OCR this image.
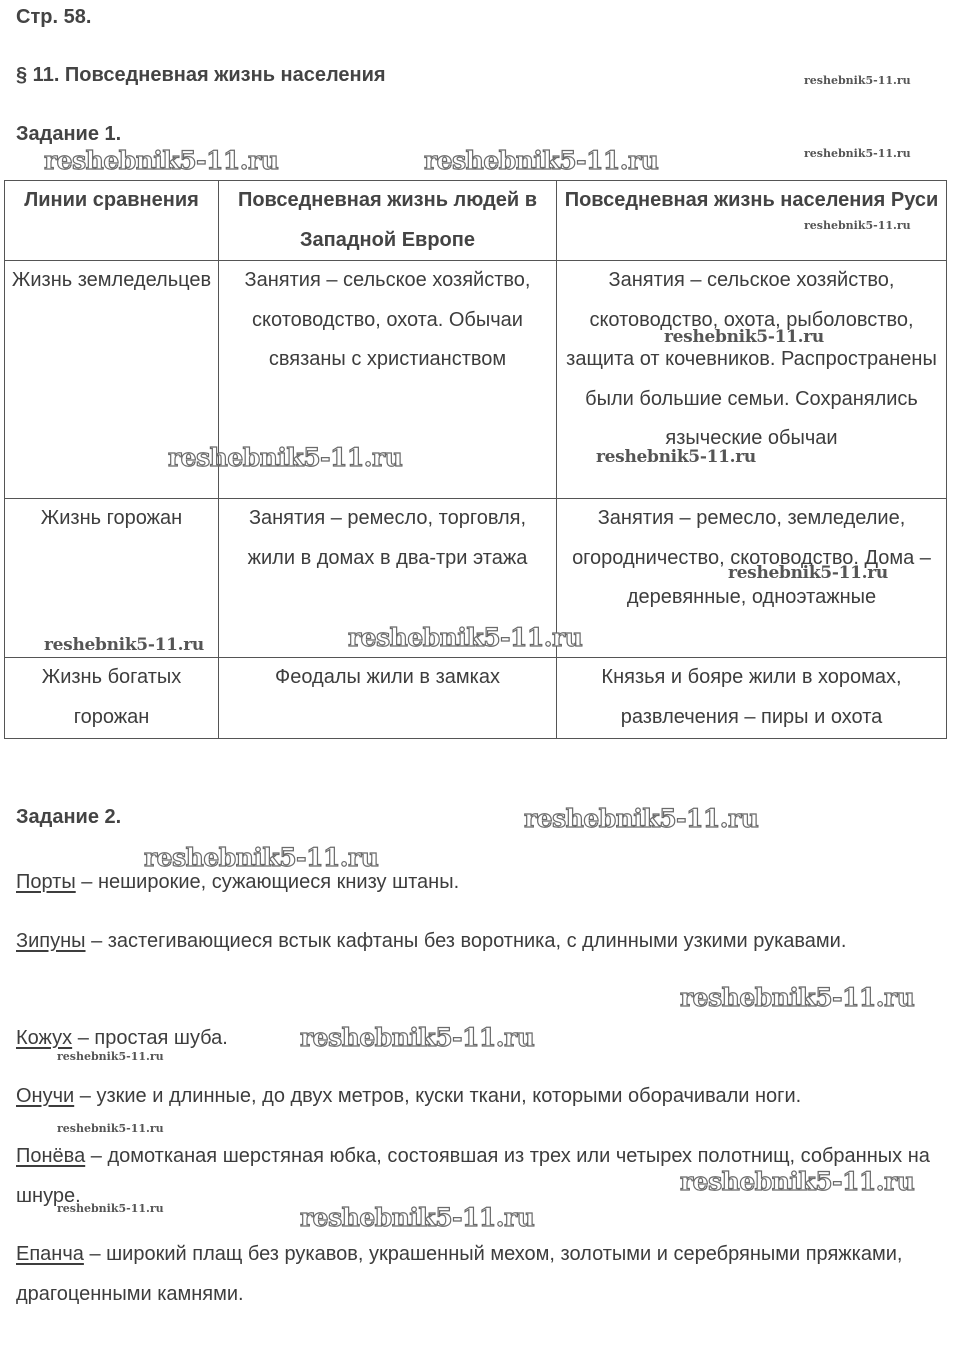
Стр. 58.
§ 11. Повседневная жизнь населения
Задание 1.
Линии сравнения	Повседневная жизнь людей в Западной Европе	Повседневная жизнь населения Руси
Жизнь земледельцев	Занятия – сельское хозяйство, скотоводство, охота. Обычаи связаны с христианством	Занятия – сельское хозяйство, скотоводство, охота, рыболовство, защита от кочевников. Распространены были большие семьи. Сохранялись языческие обычаи
Жизнь горожан	Занятия – ремесло, торговля, жили в домах в два-три этажа	Занятия – ремесло, земледелие, огородничество, скотоводство. Дома – деревянные, одноэтажные
Жизнь богатых горожан	Феодалы жили в замках	Князья и бояре жили в хоромах, развлечения – пиры и охота
Задание 2.
Порты – неширокие, сужающиеся книзу штаны.
Зипуны – застегивающиеся встык кафтаны без воротника, с длинными узкими рукавами.
Кожух – простая шуба.
Онучи – узкие и длинные, до двух метров, куски ткани, которыми оборачивали ноги.
Понёва – домотканая шерстяная юбка, состоявшая из трех или четырех полотнищ, собранных на шнуре.
Епанча – широкий плащ без рукавов, украшенный мехом, золотыми и серебряными пряжками, драгоценными камнями.
reshebnik5-11.ru
reshebnik5-11.ru
reshebnik5-11.ru
reshebnik5-11.ru	reshebnik5-11.ru
reshebnik5-11.ru
reshebnik5-11.ru	reshebnik5-11.ru
reshebnik5-11.ru
reshebnik5-11.ru	reshebnik5-11.ru
reshebnik5-11.ru
reshebnik5-11.ru
reshebnik5-11.ru
reshebnik5-11.ru
reshebnik5-11.ru
reshebnik5-11.ru
reshebnik5-11.ru
reshebnik5-11.ru	reshebnik5-11.ru
